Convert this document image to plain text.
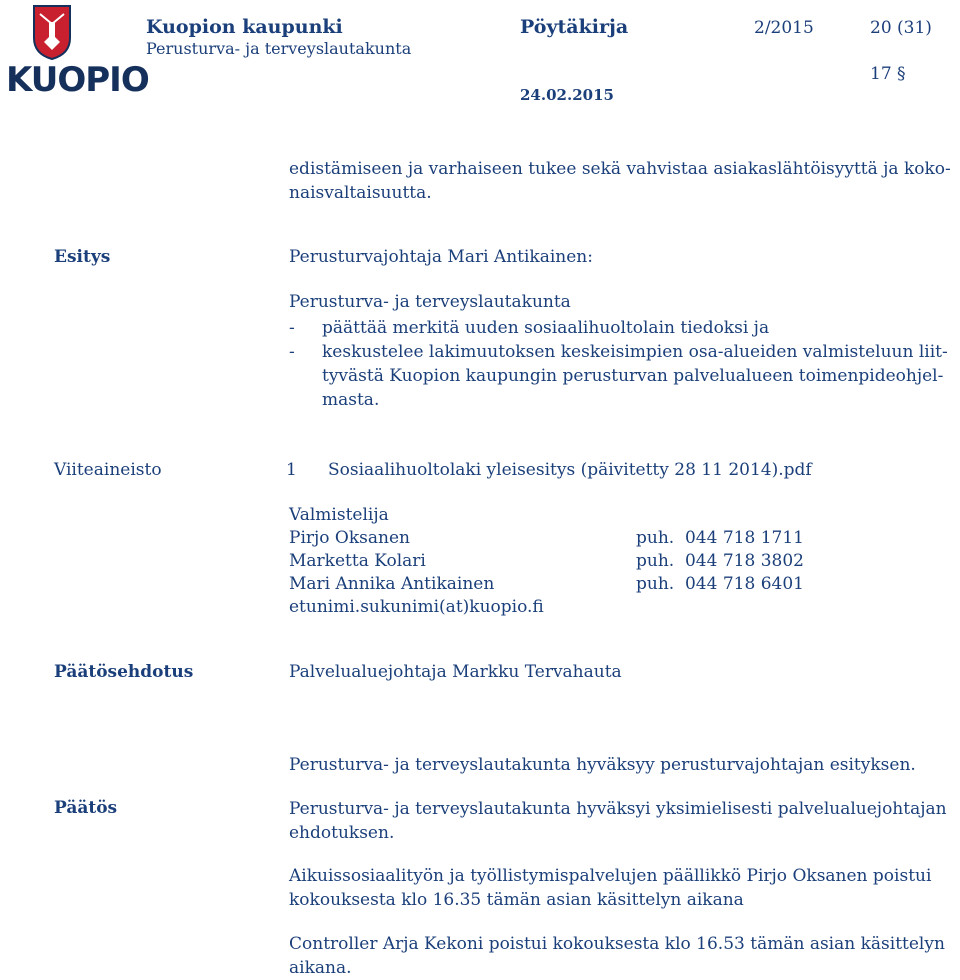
KUOPIO
Kuopion kaupunki
Perusturva- ja terveyslautakunta
Pöytäkirja	2/2015	20 (31)
17 §
24.02.2015
edistämiseen ja varhaiseen tukee sekä vahvistaa asiakaslähtöisyyttä ja koko-
naisvaltaisuutta.
Esitys	Perusturvajohtaja Mari Antikainen:
Perusturva- ja terveyslautakunta
- päättää merkitä uuden sosiaalihuoltolain tiedoksi ja
- keskustelee lakimuutoksen keskeisimpien osa-alueiden valmisteluun liit-
tyvästä Kuopion kaupungin perusturvan palvelualueen toimenpideohjel-
masta.
Viiteaineisto	1 Sosiaalihuoltolaki yleisesitys (päivitetty 28 11 2014).pdf
Valmistelija
Pirjo Oksanen	puh.  044 718 1711
Marketta Kolari	puh.  044 718 3802
Mari Annika Antikainen	puh.  044 718 6401
etunimi.sukunimi(at)kuopio.fi
Päätösehdotus	Palvelualuejohtaja Markku Tervahauta
Perusturva- ja terveyslautakunta hyväksyy perusturvajohtajan esityksen.
Päätös	Perusturva- ja terveyslautakunta hyväksyi yksimielisesti palvelualuejohtajan
ehdotuksen.
Aikuissosiaalityön ja työllistymispalvelujen päällikkö Pirjo Oksanen poistui
kokouksesta klo 16.35 tämän asian käsittelyn aikana
Controller Arja Kekoni poistui kokouksesta klo 16.53 tämän asian käsittelyn
aikana.
